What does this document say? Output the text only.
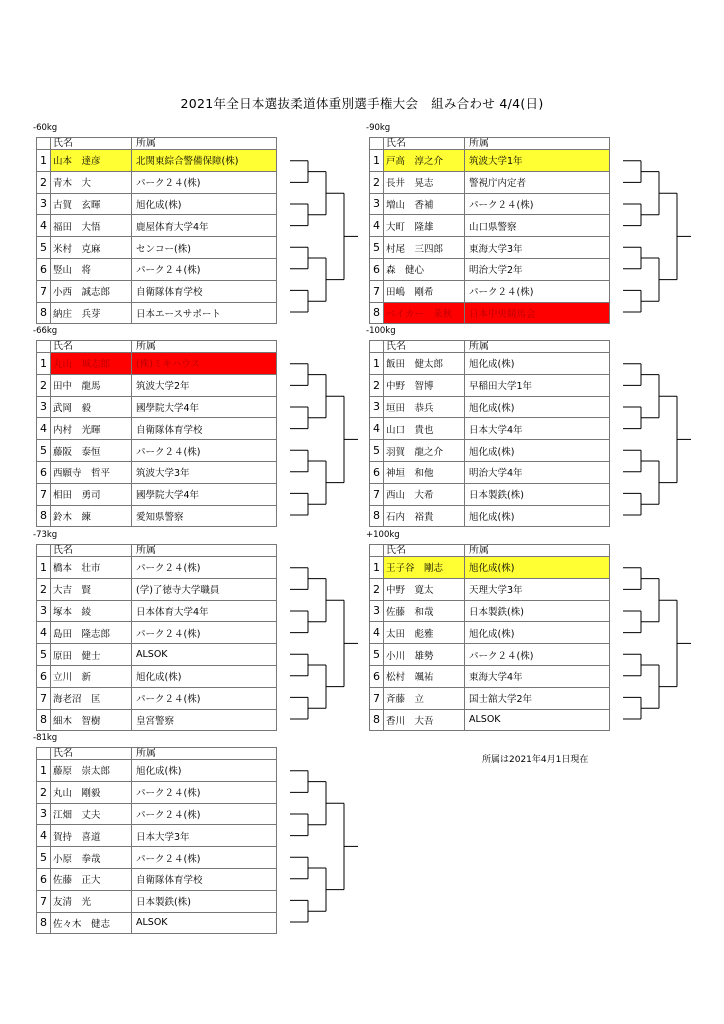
2021年全日本選抜柔道体重別選手権大会　組み合わせ 4/4(日)
-60kg
	氏名	所属
1	山本　達彦	北関東綜合警備保障(株)
2	青木　大	パーク２４(株)
3	古賀　玄暉	旭化成(株)
4	福田　大悟	鹿屋体育大学4年
5	米村　克麻	センコー(株)
6	竪山　将	パーク２４(株)
7	小西　誠志郎	自衛隊体育学校
8	納庄　兵芽	日本エースサポート
-90kg
	氏名	所属
1	戸高　淳之介	筑波大学1年
2	長井　晃志	警視庁内定者
3	増山　香補	パーク２４(株)
4	大町　隆雄	山口県警察
5	村尾　三四郎	東海大学3年
6	森　健心	明治大学2年
7	田嶋　剛希	パーク２４(株)
8	ベイカー　茉秋	日本中央競馬会
-66kg
	氏名	所属
1	丸山　城志郎	(株)ミキハウス
2	田中　龍馬	筑波大学2年
3	武岡　毅	國學院大学4年
4	内村　光暉	自衛隊体育学校
5	藤阪　泰恒	パーク２４(株)
6	西願寺　哲平	筑波大学3年
7	相田　勇司	國學院大学4年
8	鈴木　練	愛知県警察
-100kg
	氏名	所属
1	飯田　健太郎	旭化成(株)
2	中野　智博	早稲田大学1年
3	垣田　恭兵	旭化成(株)
4	山口　貴也	日本大学4年
5	羽賀　龍之介	旭化成(株)
6	神垣　和他	明治大学4年
7	西山　大希	日本製鉄(株)
8	石内　裕貴	旭化成(株)
-73kg
	氏名	所属
1	橋本　壮市	パーク２４(株)
2	大吉　賢	(学)了徳寺大学職員
3	塚本　綾	日本体育大学4年
4	島田　隆志郎	パーク２４(株)
5	原田　健士	ALSOK
6	立川　新	旭化成(株)
7	海老沼　匡	パーク２４(株)
8	細木　智樹	皇宮警察
+100kg
	氏名	所属
1	王子谷　剛志	旭化成(株)
2	中野　寛太	天理大学3年
3	佐藤　和哉	日本製鉄(株)
4	太田　彪雅	旭化成(株)
5	小川　雄勢	パーク２４(株)
6	松村　颯祐	東海大学4年
7	斉藤　立	国士舘大学2年
8	香川　大吾	ALSOK
-81kg
	氏名	所属
1	藤原　崇太郎	旭化成(株)
2	丸山　剛毅	パーク２４(株)
3	江畑　丈夫	パーク２４(株)
4	賀持　喜道	日本大学3年
5	小原　拳哉	パーク２４(株)
6	佐藤　正大	自衛隊体育学校
7	友清　光	日本製鉄(株)
8	佐々木　健志	ALSOK
所属は2021年4月1日現在
